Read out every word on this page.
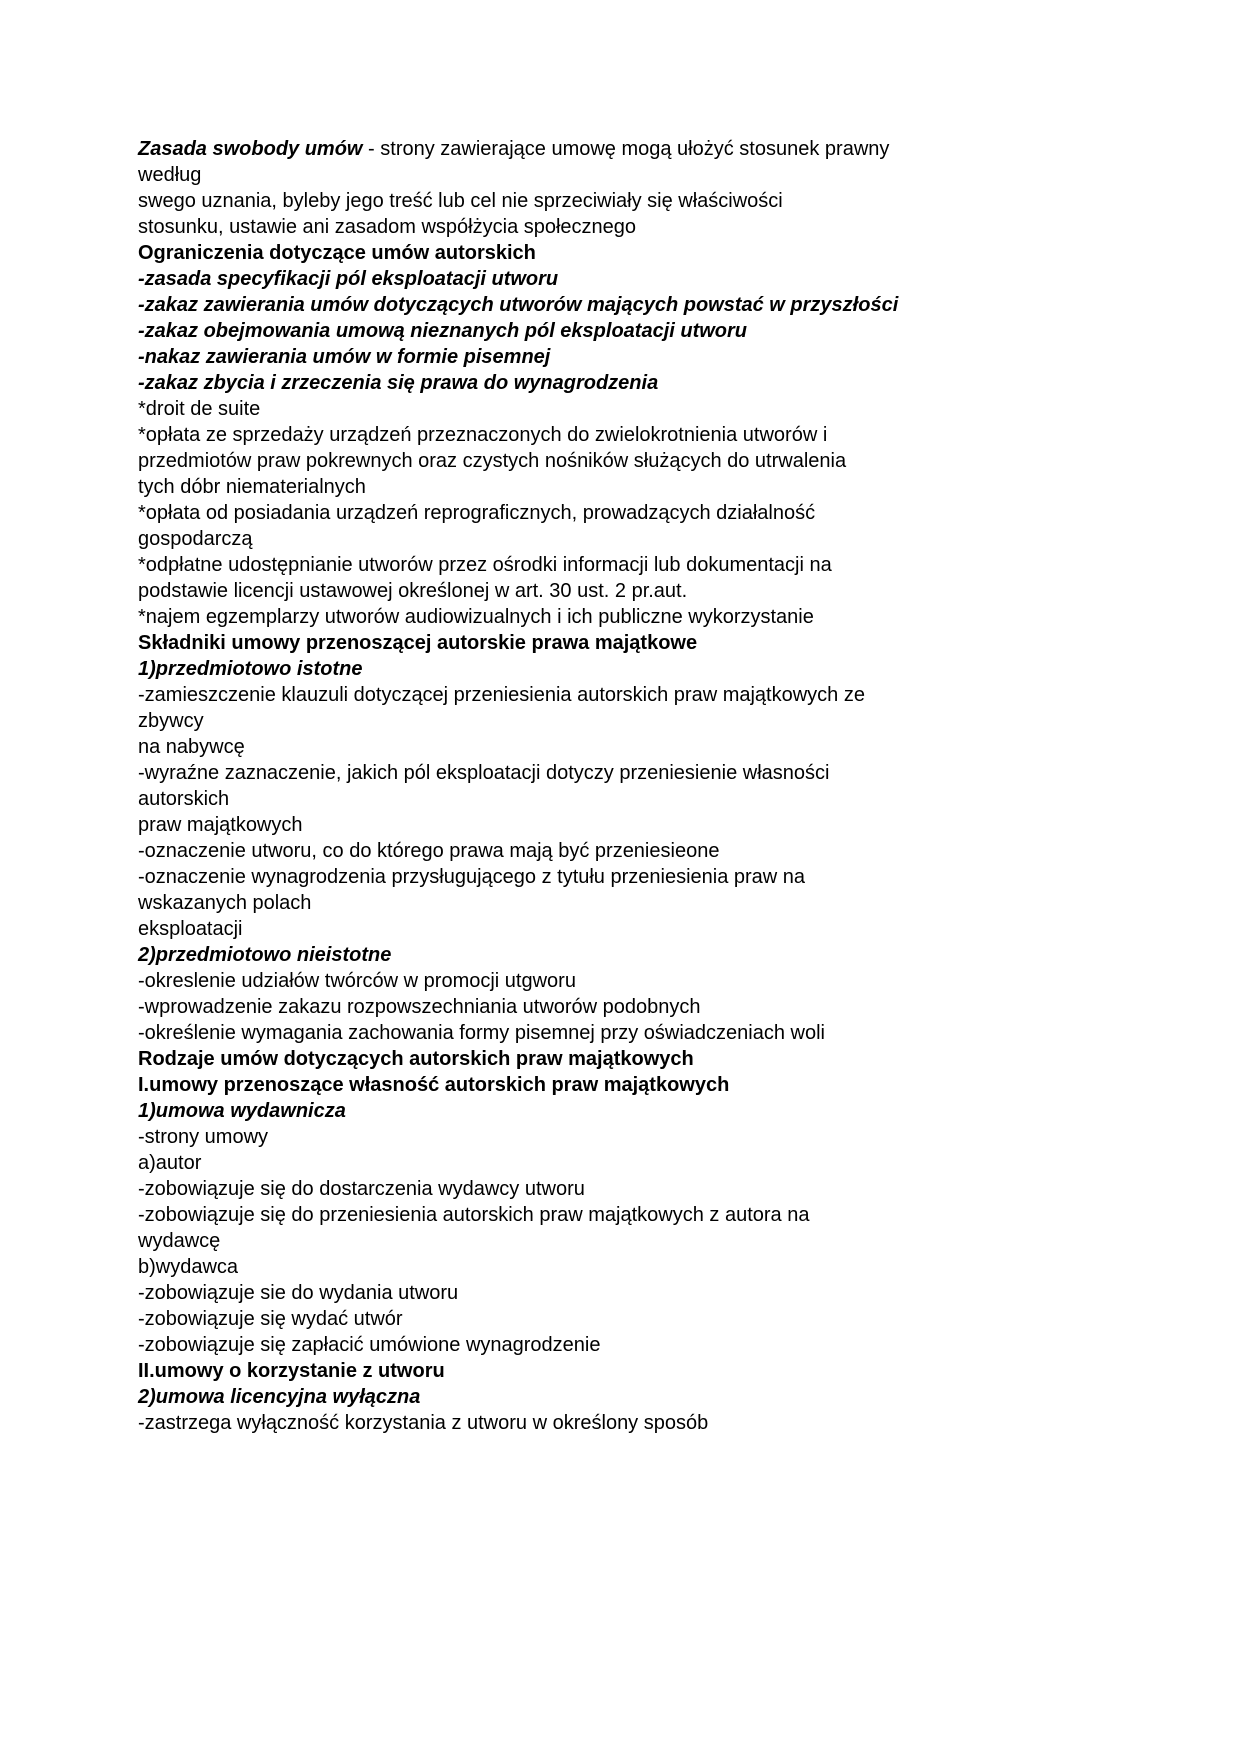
Zasada swobody umów - strony zawierające umowę mogą ułożyć stosunek prawny
według
swego uznania, byleby jego treść lub cel nie sprzeciwiały się właściwości
stosunku, ustawie ani zasadom współżycia społecznego
Ograniczenia dotyczące umów autorskich
-zasada specyfikacji pól eksploatacji utworu
-zakaz zawierania umów dotyczących utworów mających powstać w przyszłości
-zakaz obejmowania umową nieznanych pól eksploatacji utworu
-nakaz zawierania umów w formie pisemnej
-zakaz zbycia i zrzeczenia się prawa do wynagrodzenia
*droit de suite
*opłata ze sprzedaży urządzeń przeznaczonych do zwielokrotnienia utworów i
przedmiotów praw pokrewnych oraz czystych nośników służących do utrwalenia
tych dóbr niematerialnych
*opłata od posiadania urządzeń reprograficznych, prowadzących działalność
gospodarczą
*odpłatne udostępnianie utworów przez ośrodki informacji lub dokumentacji na
podstawie licencji ustawowej określonej w art. 30 ust. 2 pr.aut.
*najem egzemplarzy utworów audiowizualnych i ich publiczne wykorzystanie
Składniki umowy przenoszącej autorskie prawa majątkowe
1)przedmiotowo istotne
-zamieszczenie klauzuli dotyczącej przeniesienia autorskich praw majątkowych ze
zbywcy
na nabywcę
-wyraźne zaznaczenie, jakich pól eksploatacji dotyczy przeniesienie własności
autorskich
praw majątkowych
-oznaczenie utworu, co do którego prawa mają być przeniesieone
-oznaczenie wynagrodzenia przysługującego z tytułu przeniesienia praw na
wskazanych polach
eksploatacji
2)przedmiotowo nieistotne
-okreslenie udziałów twórców w promocji utgworu
-wprowadzenie zakazu rozpowszechniania utworów podobnych
-określenie wymagania zachowania formy pisemnej przy oświadczeniach woli
Rodzaje umów dotyczących autorskich praw majątkowych
I.umowy przenoszące własność autorskich praw majątkowych
1)umowa wydawnicza
-strony umowy
a)autor
-zobowiązuje się do dostarczenia wydawcy utworu
-zobowiązuje się do przeniesienia autorskich praw majątkowych z autora na
wydawcę
b)wydawca
-zobowiązuje sie do wydania utworu
-zobowiązuje się wydać utwór
-zobowiązuje się zapłacić umówione wynagrodzenie
II.umowy o korzystanie z utworu
2)umowa licencyjna wyłączna
-zastrzega wyłączność korzystania z utworu w określony sposób
